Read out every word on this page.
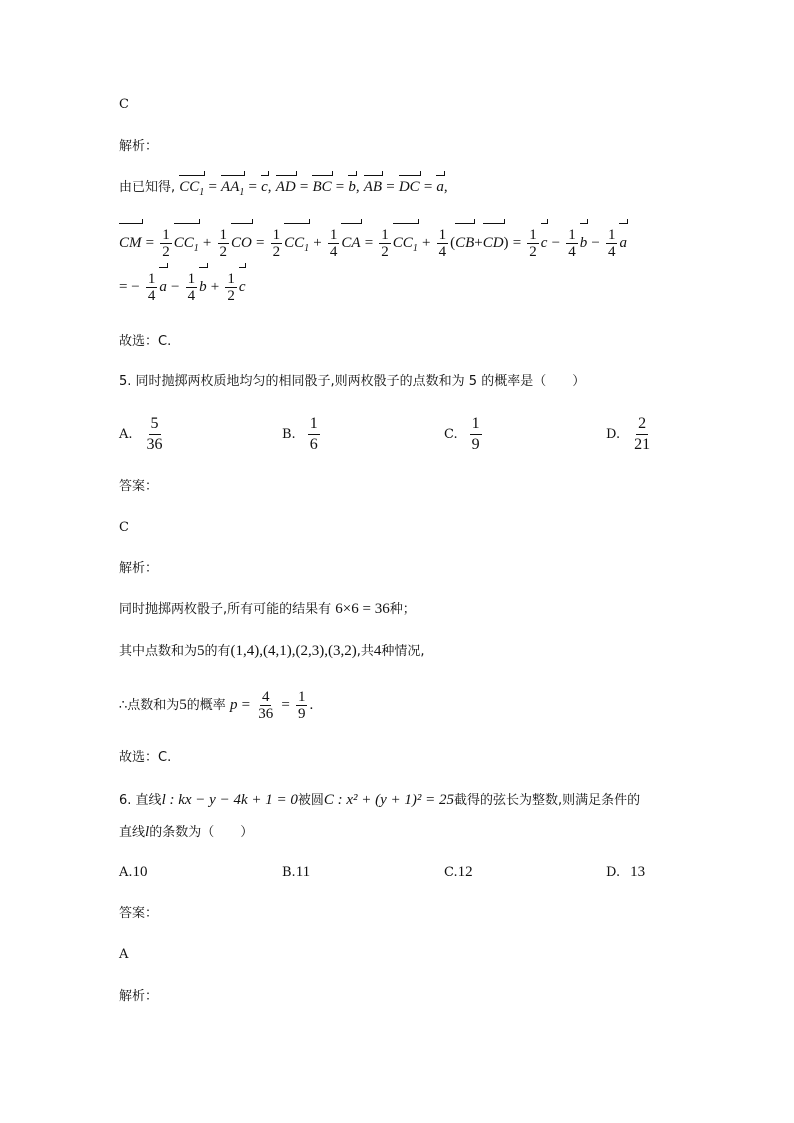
C
解析：
由已知得, $CC_1 = AA_1 = c$, AD = BC = b, AB = DC = a,
CM = $\frac{1}{2} CC_1 + \frac{1}{2}$ CO = $\frac{1}{2} CC_1 + \frac{1}{4}$ CA = $\frac{1}{2} CC_1 + \frac{1}{4} (CB+CD) = \frac{1}{2}$ $c - \frac{1}{4}$ $b - \frac{1}{4}$ a
= − $\frac{1}{4}$ $a - \frac{1}{4}$ $b + \frac{1}{2}$ c
故选：C.
5. 同时抛掷两枚质地均匀的相同骰子,则两枚骰子的点数和为 5 的概率是（　　）
A. $\frac{5}{36}$	B. $\frac{1}{6}$	C. $\frac{1}{9}$	D. $\frac{2}{21}$
答案：
C
解析：
同时抛掷两枚骰子,所有可能的结果有 6×6 = 36种；
其中点数和为5的有(1,4),(4,1),(2,3),(3,2),共4种情况,
∴点数和为5的概率 $p = \frac{4}{36} = \frac{1}{9}$ .
故选：C.
6. 直线l : kx − y − 4k + 1 = 0被圆C : x² + (y + 1)² = 25截得的弦长为整数,则满足条件的
直线l的条数为（　　）
A. 10	B. 11	C. 12	D. 13
答案：
A
解析：
